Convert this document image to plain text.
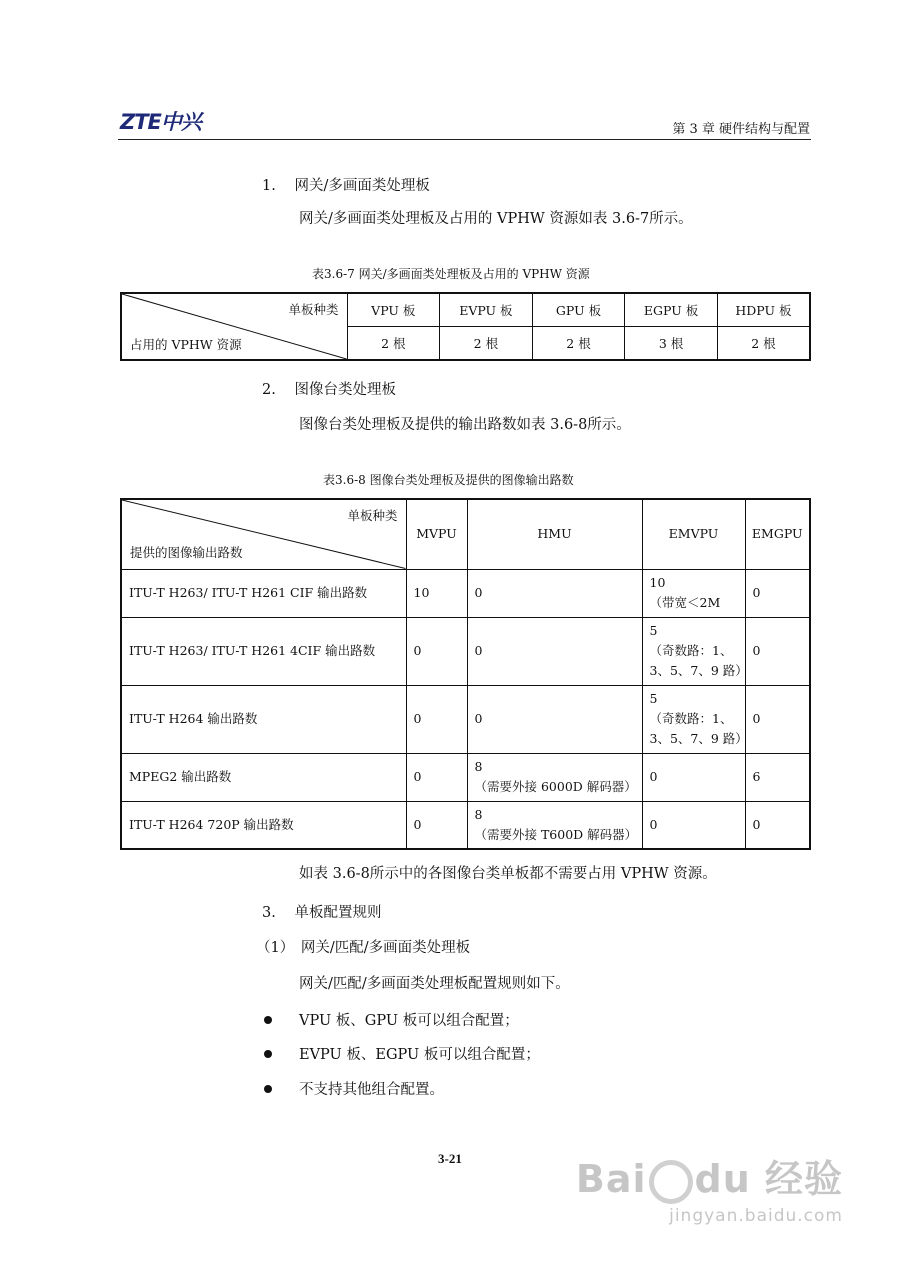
ZTE中兴	第 3 章 硬件结构与配置
1. 网关/多画面类处理板
网关/多画面类处理板及占用的 VPHW 资源如表 3.6-7所示。
表3.6-7 网关/多画面类处理板及占用的 VPHW 资源
单板种类
占用的 VPHW 资源	VPU 板	EVPU 板	GPU 板	EGPU 板	HDPU 板
	2 根	2 根	2 根	3 根	2 根
2. 图像台类处理板
图像台类处理板及提供的输出路数如表 3.6-8所示。
表3.6-8 图像台类处理板及提供的图像输出路数
单板种类
提供的图像输出路数	MVPU	HMU	EMVPU	EMGPU
ITU-T H263/ ITU-T H261 CIF 输出路数	10	0	10
（带宽＜2M	0
ITU-T H263/ ITU-T H261 4CIF 输出路数	0	0	5
（奇数路：1、
3、5、7、9 路）	0
ITU-T H264 输出路数	0	0	5
（奇数路：1、
3、5、7、9 路）	0
MPEG2 输出路数	0	8
（需要外接 6000D 解码器）	0	6
ITU-T H264 720P 输出路数	0	8
（需要外接 T600D 解码器）	0	0
如表 3.6-8所示中的各图像台类单板都不需要占用 VPHW 资源。
3. 单板配置规则
（1） 网关/匹配/多画面类处理板
网关/匹配/多画面类处理板配置规则如下。
VPU 板、GPU 板可以组合配置；
EVPU 板、EGPU 板可以组合配置；
不支持其他组合配置。
3-21	Bai du 经验
jingyan.baidu.com
